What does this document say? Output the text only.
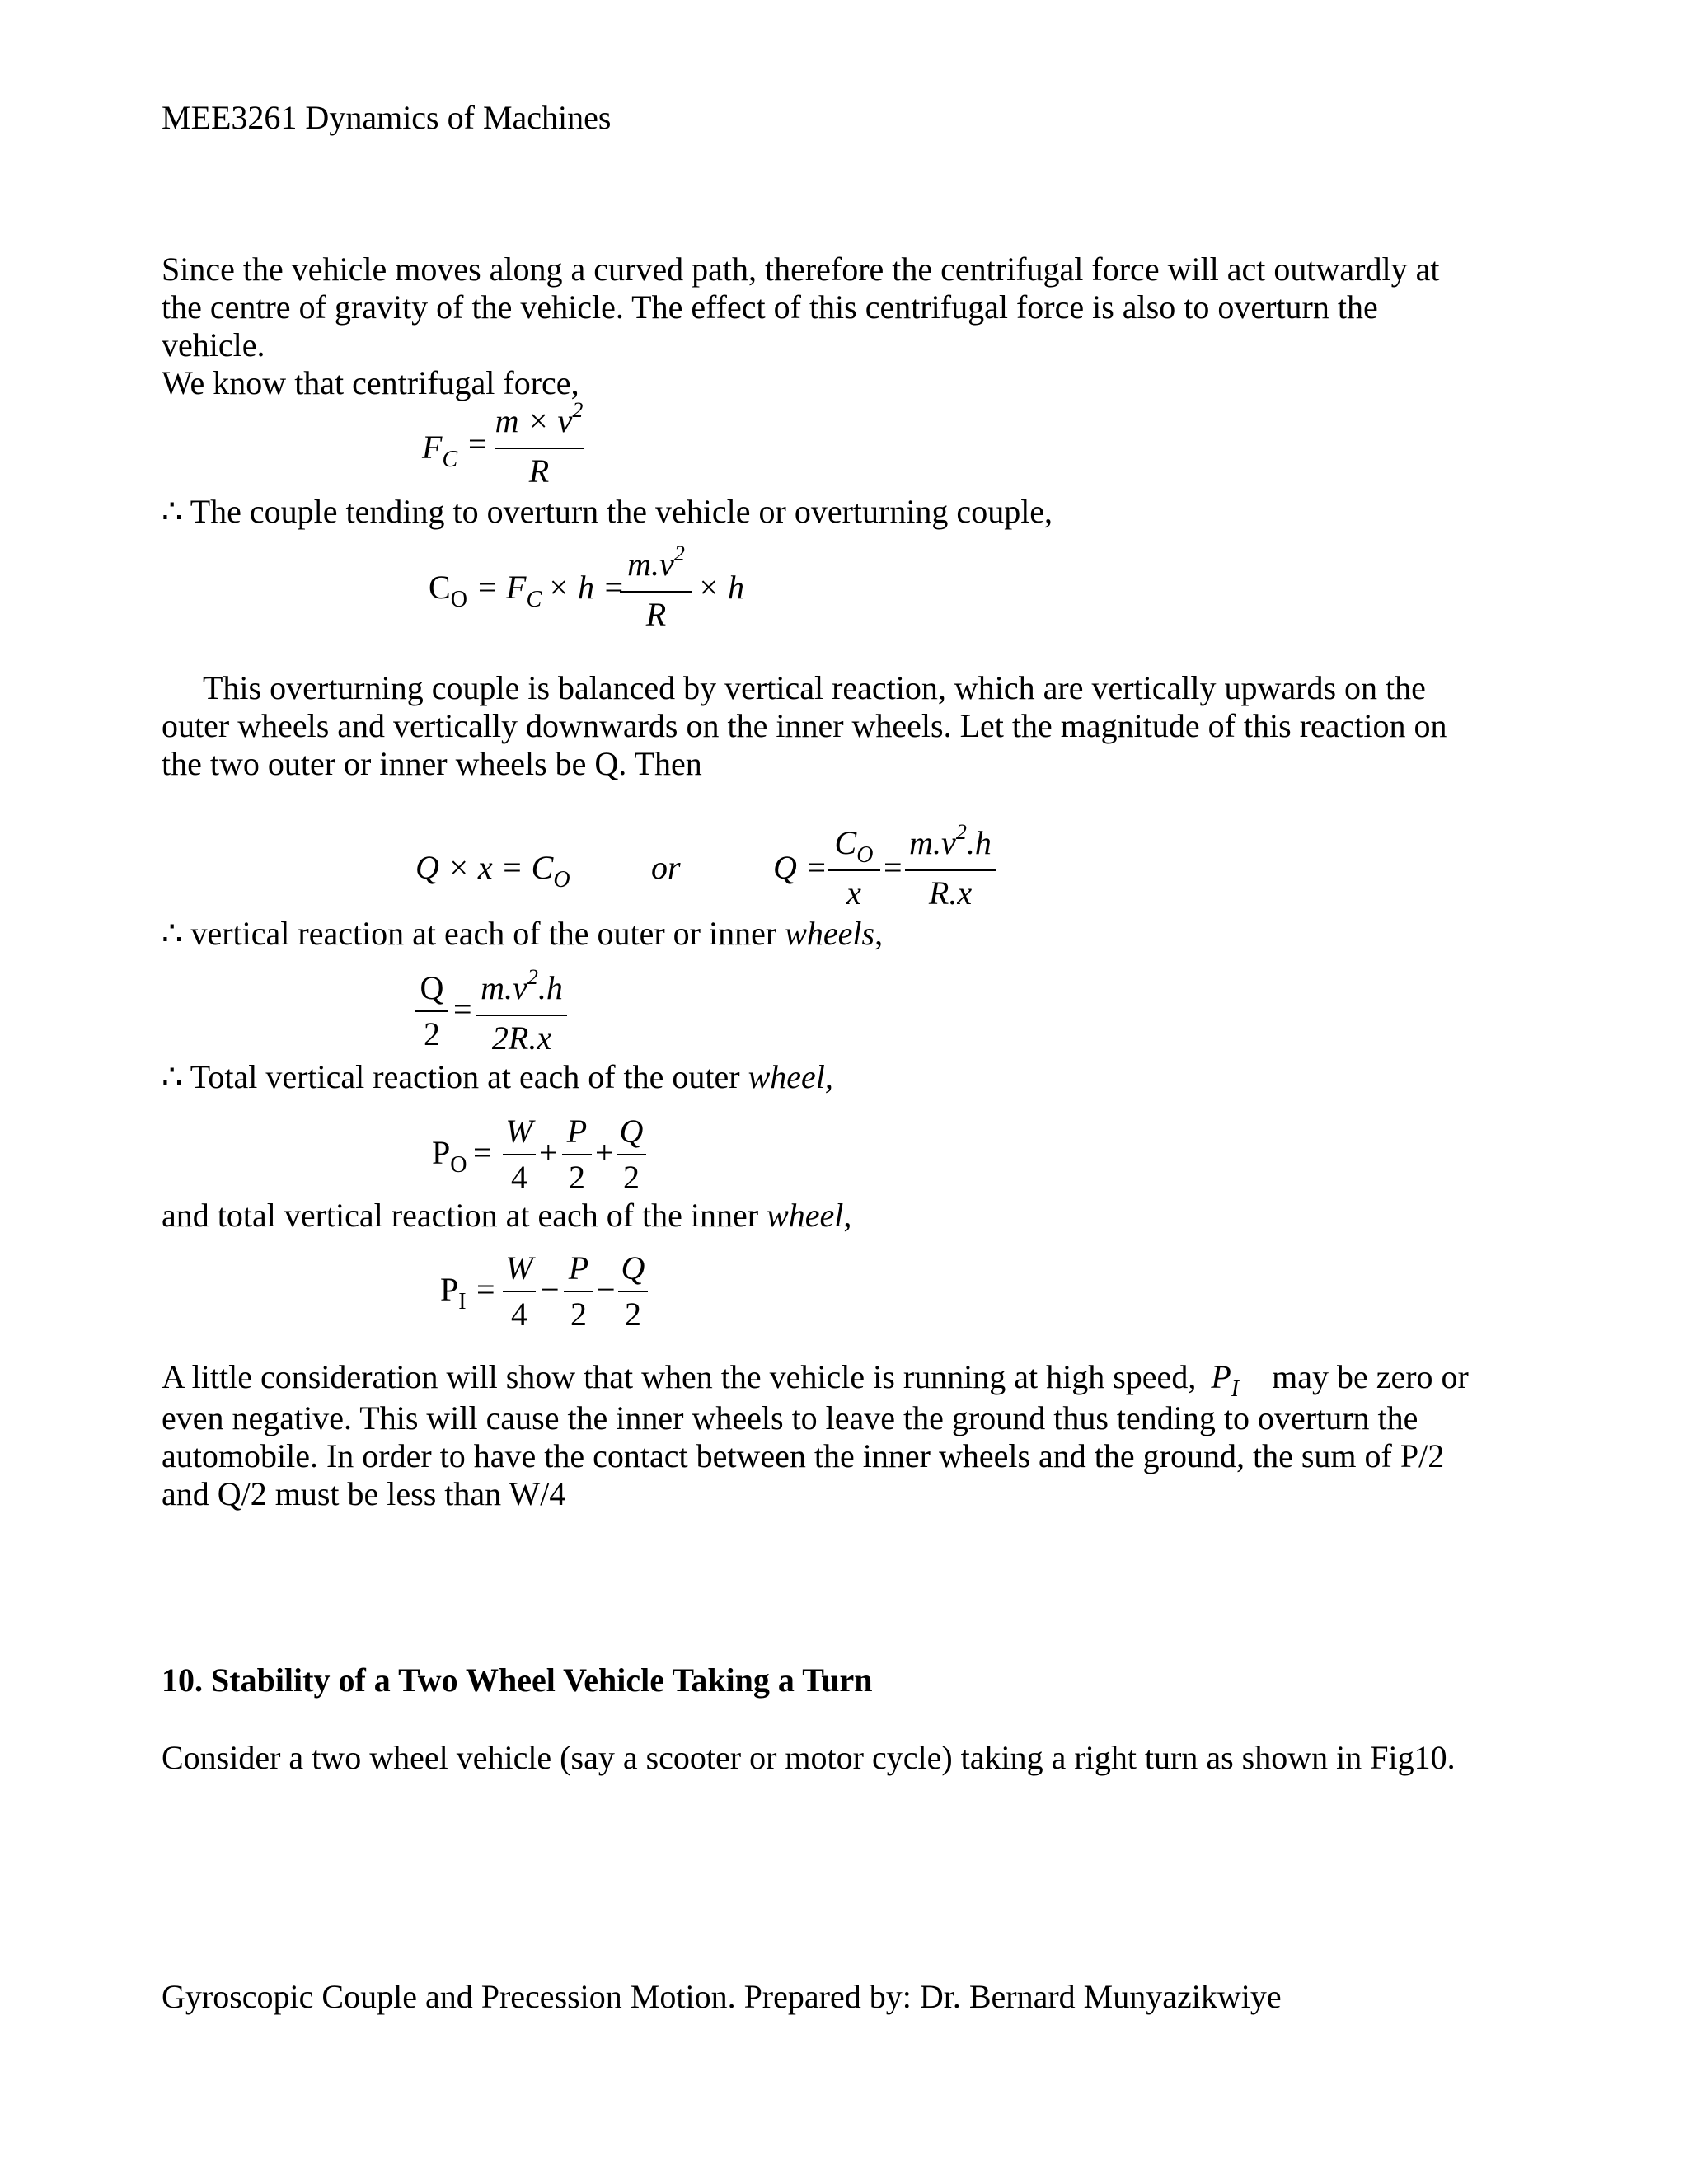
MEE3261 Dynamics of Machines
Since the vehicle moves along a curved path, therefore the centrifugal force will act outwardly at
the centre of gravity of the vehicle. The effect of this centrifugal force is also to overturn the
vehicle.
We know that centrifugal force,
$F_C$ =
$m \times v^2$
R
∴ The couple tending to overturn the vehicle or overturning couple,
$C_O = F_C \times h$ =
$m.v^2$
R
× h
This overturning couple is balanced by vertical reaction, which are vertically upwards on the
outer wheels and vertically downwards on the inner wheels. Let the magnitude of this reaction on
the two outer or inner wheels be Q. Then
$Q \times x = C_O$ or	Q =
$C_O$
x
=
$m.v^2.h$
R.x
∴ vertical reaction at each of the outer or inner wheels,
Q
2
=
$m.v^2.h$
2R.x
∴ Total vertical reaction at each of the outer wheel,
$P_O$ =
W
4
+
P
2
+
Q
2
and total vertical reaction at each of the inner wheel,
$P_I$ =
W
4
−
P
2
−
Q
2
A little consideration will show that when the vehicle is running at high speed, $P_I$ may be zero or
even negative. This will cause the inner wheels to leave the ground thus tending to overturn the
automobile. In order to have the contact between the inner wheels and the ground, the sum of P/2
and Q/2 must be less than W/4
10. Stability of a Two Wheel Vehicle Taking a Turn
Consider a two wheel vehicle (say a scooter or motor cycle) taking a right turn as shown in Fig10.
Gyroscopic Couple and Precession Motion. Prepared by: Dr. Bernard Munyazikwiye
